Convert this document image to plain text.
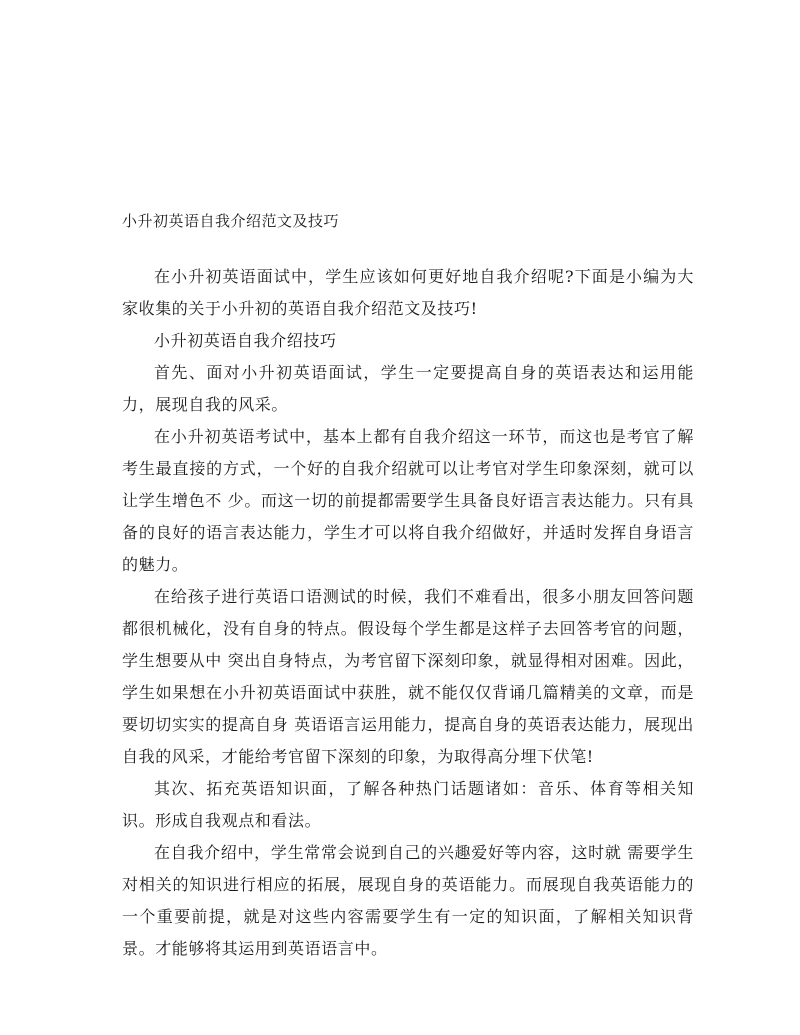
小升初英语自我介绍范文及技巧

在小升初英语面试中，学生应该如何更好地自我介绍呢?下面是小编为大家收集的关于小升初的英语自我介绍范文及技巧!

小升初英语自我介绍技巧

首先、面对小升初英语面试，学生一定要提高自身的英语表达和运用能力，展现自我的风采。

在小升初英语考试中，基本上都有自我介绍这一环节，而这也是考官了解考生最直接的方式，一个好的自我介绍就可以让考官对学生印象深刻，就可以让学生增色不 少。而这一切的前提都需要学生具备良好语言表达能力。只有具备的良好的语言表达能力，学生才可以将自我介绍做好，并适时发挥自身语言的魅力。

在给孩子进行英语口语测试的时候，我们不难看出，很多小朋友回答问题都很机械化，没有自身的特点。假设每个学生都是这样子去回答考官的问题，学生想要从中 突出自身特点，为考官留下深刻印象，就显得相对困难。因此，学生如果想在小升初英语面试中获胜，就不能仅仅背诵几篇精美的文章，而是要切切实实的提高自身 英语语言运用能力，提高自身的英语表达能力，展现出自我的风采，才能给考官留下深刻的印象，为取得高分埋下伏笔!

其次、拓充英语知识面，了解各种热门话题诸如：音乐、体育等相关知识。形成自我观点和看法。

在自我介绍中，学生常常会说到自己的兴趣爱好等内容，这时就 需要学生对相关的知识进行相应的拓展，展现自身的英语能力。而展现自我英语能力的一个重要前提，就是对这些内容需要学生有一定的知识面，了解相关知识背 景。才能够将其运用到英语语言中。
